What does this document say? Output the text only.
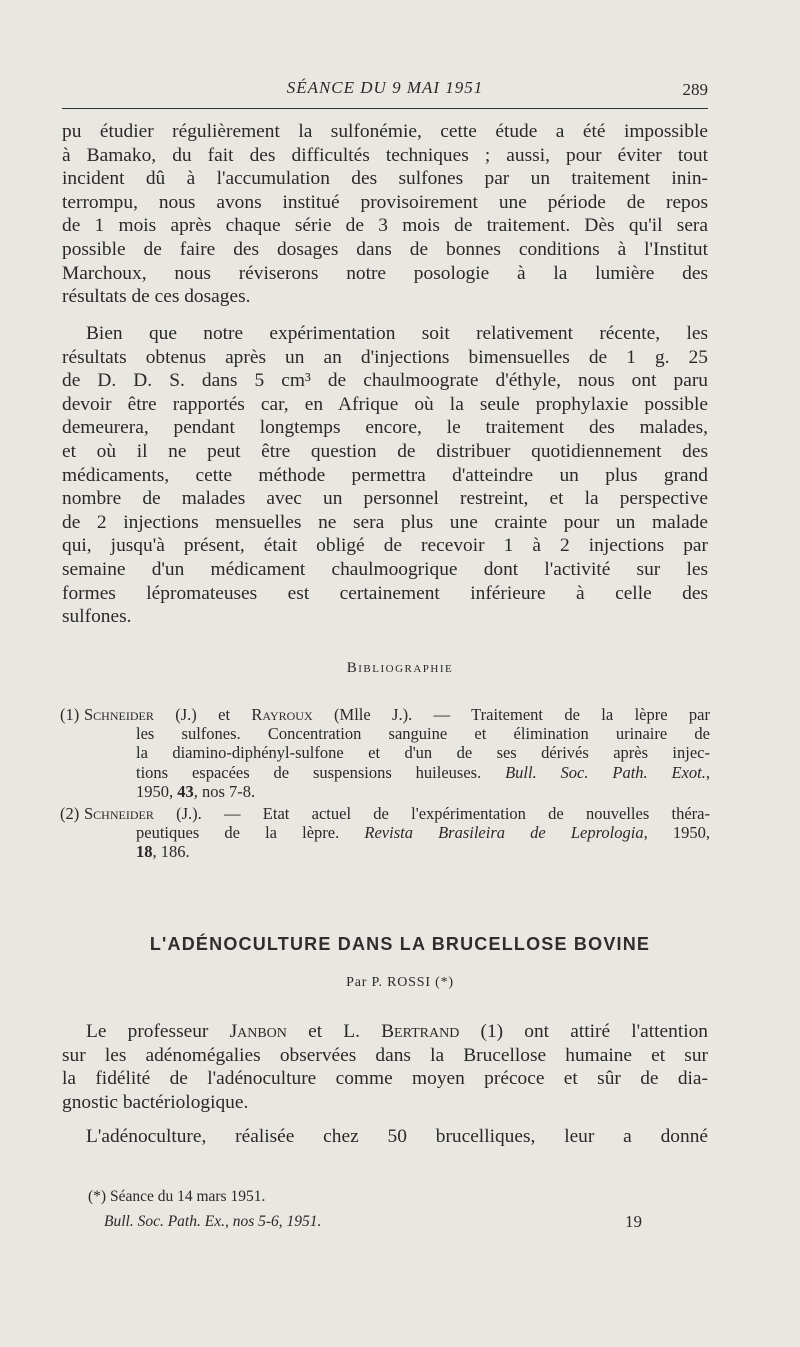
SÉANCE DU 9 MAI 1951	289
pu étudier régulièrement la sulfonémie, cette étude a été impossible
à Bamako, du fait des difficultés techniques ; aussi, pour éviter tout
incident dû à l'accumulation des sulfones par un traitement inin-
terrompu, nous avons institué provisoirement une période de repos
de 1 mois après chaque série de 3 mois de traitement. Dès qu'il sera
possible de faire des dosages dans de bonnes conditions à l'Institut
Marchoux, nous réviserons notre posologie à la lumière des
résultats de ces dosages.
Bien que notre expérimentation soit relativement récente, les
résultats obtenus après un an d'injections bimensuelles de 1 g. 25
de D. D. S. dans 5 cm³ de chaulmoograte d'éthyle, nous ont paru
devoir être rapportés car, en Afrique où la seule prophylaxie possible
demeurera, pendant longtemps encore, le traitement des malades,
et où il ne peut être question de distribuer quotidiennement des
médicaments, cette méthode permettra d'atteindre un plus grand
nombre de malades avec un personnel restreint, et la perspective
de 2 injections mensuelles ne sera plus une crainte pour un malade
qui, jusqu'à présent, était obligé de recevoir 1 à 2 injections par
semaine d'un médicament chaulmoogrique dont l'activité sur les
formes lépromateuses est certainement inférieure à celle des
sulfones.
Bibliographie
(1) Schneider (J.) et Rayroux (Mlle J.). — Traitement de la lèpre par
les sulfones. Concentration sanguine et élimination urinaire de
la diamino-diphényl-sulfone et d'un de ses dérivés après injec-
tions espacées de suspensions huileuses. Bull. Soc. Path. Exot.,
1950, 43, nos 7-8.
(2) Schneider (J.). — Etat actuel de l'expérimentation de nouvelles théra-
peutiques de la lèpre. Revista Brasileira de Leprologia, 1950,
18, 186.
L'ADÉNOCULTURE DANS LA BRUCELLOSE BOVINE
Par P. ROSSI (*)
Le professeur Janbon et L. Bertrand (1) ont attiré l'attention
sur les adénomégalies observées dans la Brucellose humaine et sur
la fidélité de l'adénoculture comme moyen précoce et sûr de dia-
gnostic bactériologique.
L'adénoculture, réalisée chez 50 brucelliques, leur a donné
(*) Séance du 14 mars 1951.
Bull. Soc. Path. Ex., nos 5-6, 1951.	19
